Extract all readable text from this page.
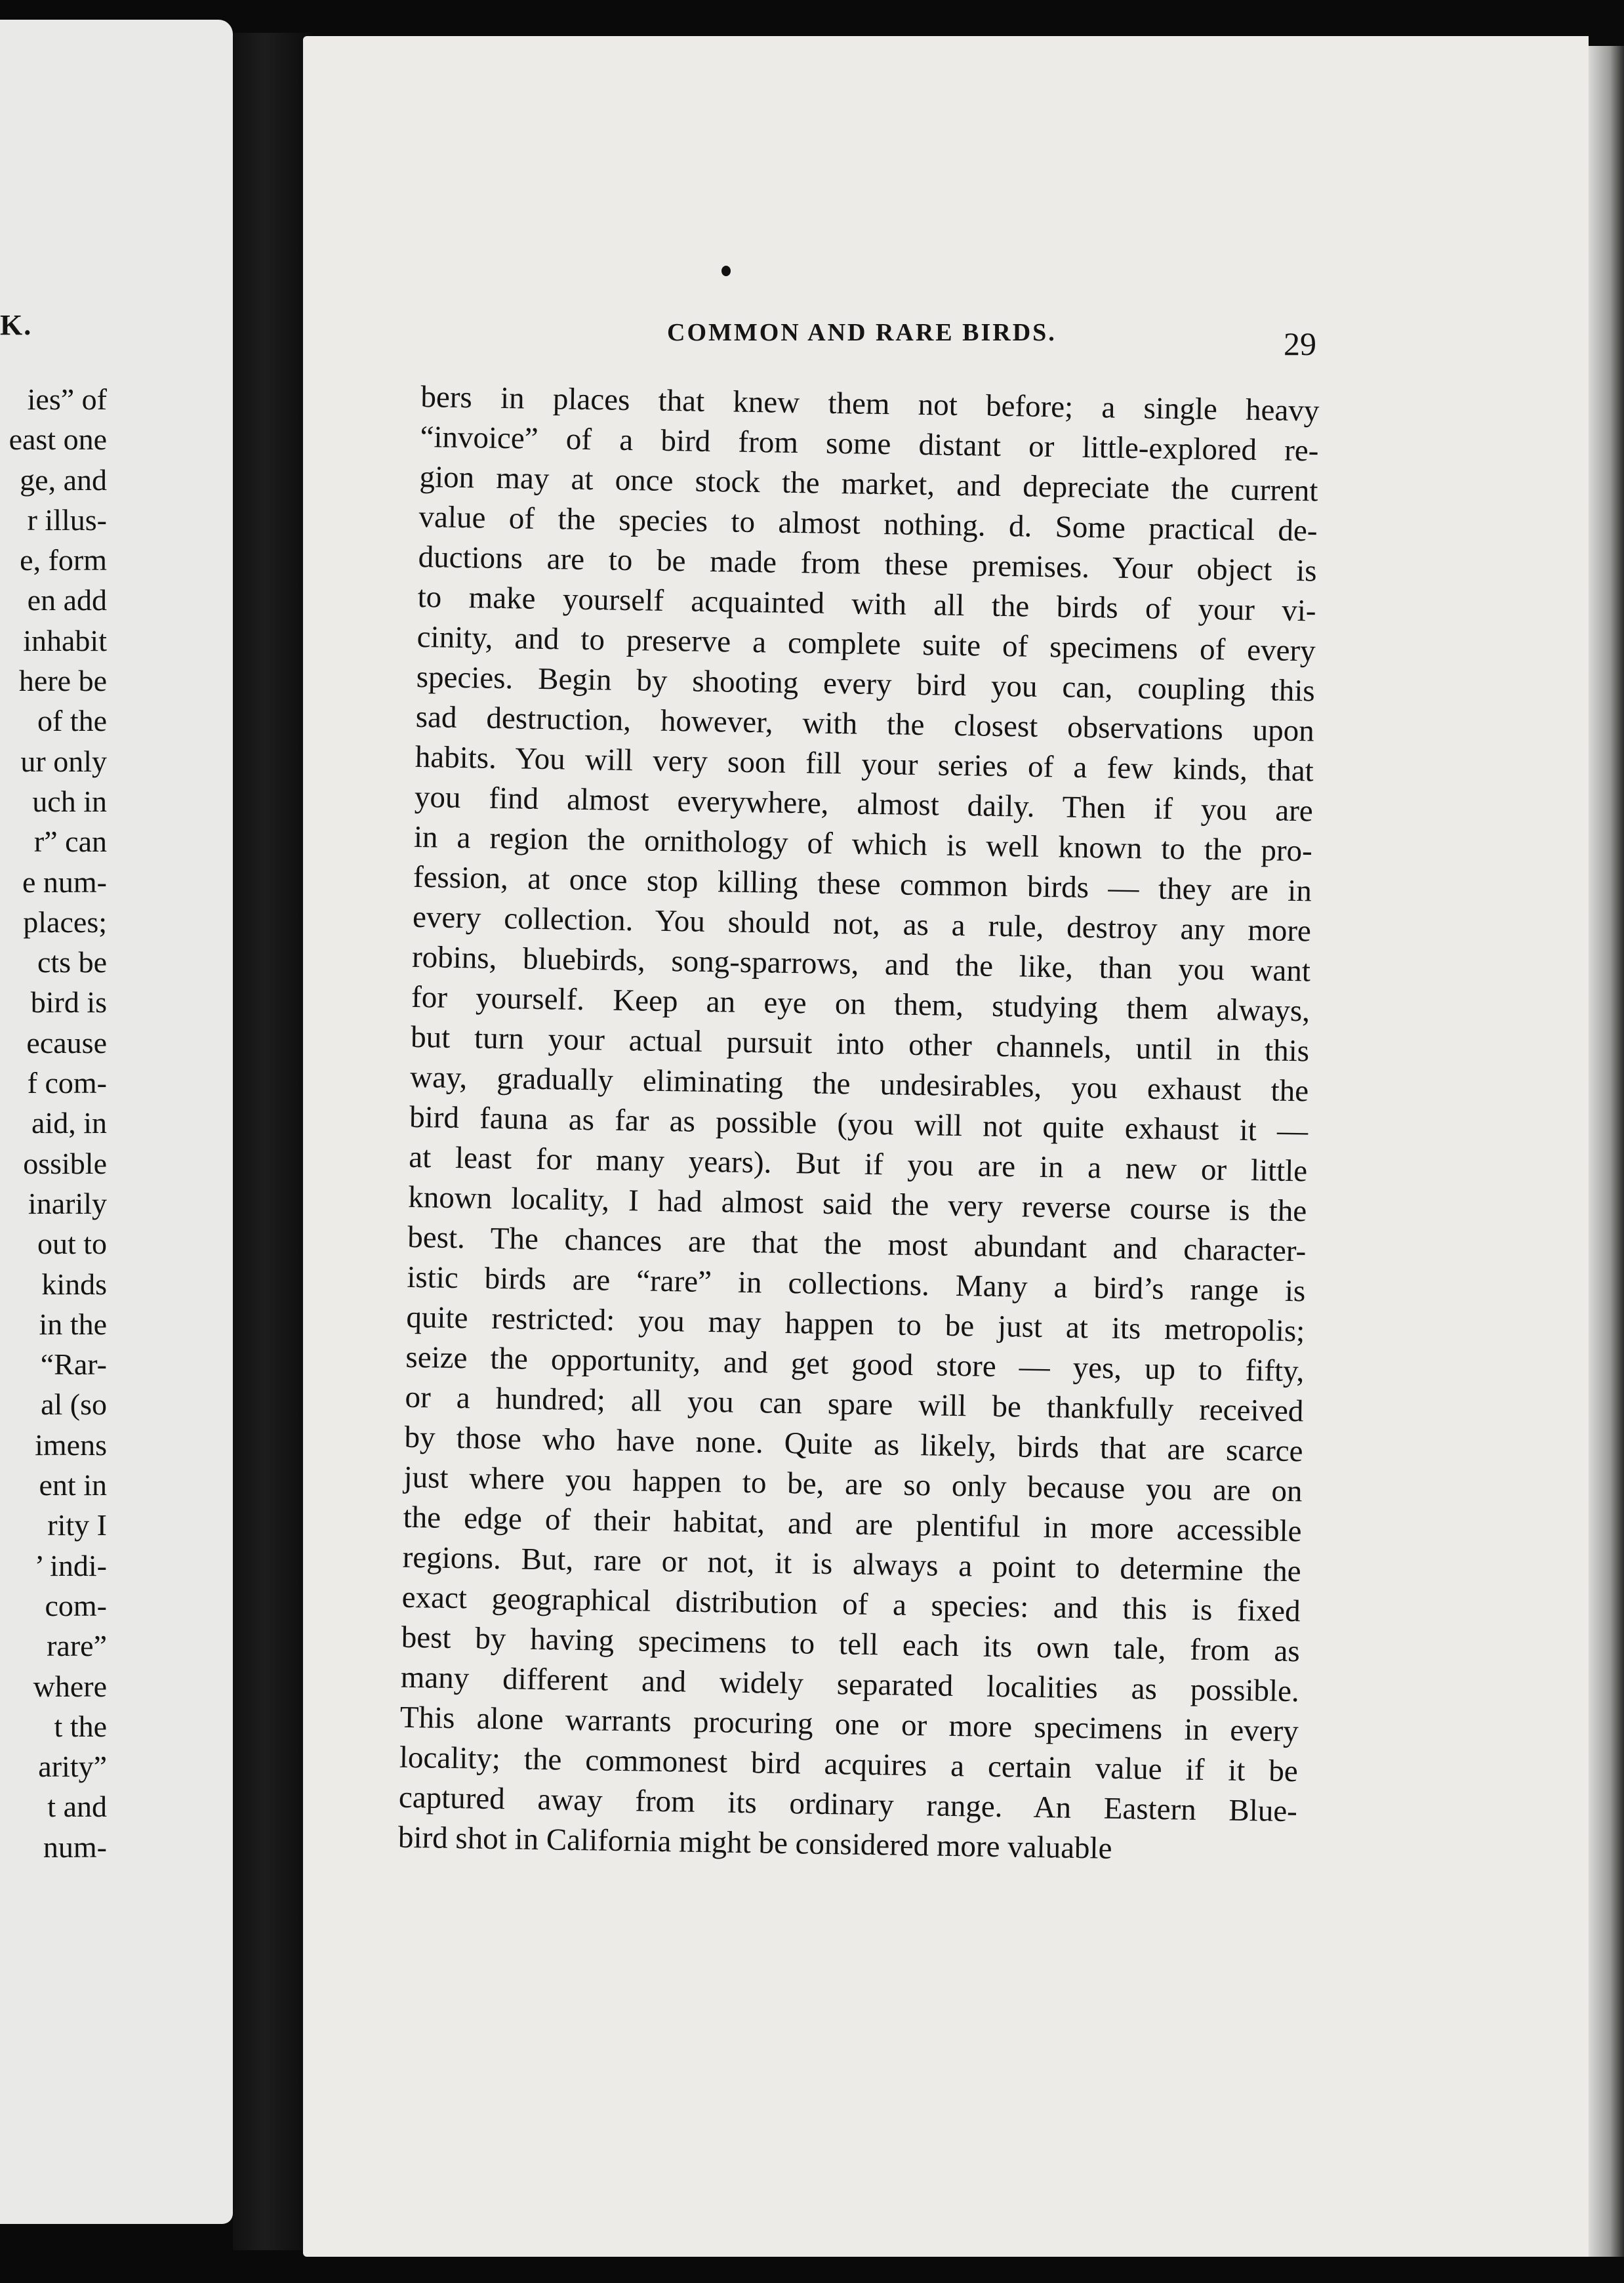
K.
ies” of
east one
ge, and
r illus-
e, form
en add
inhabit
here be
of the
ur only
uch in
r” can
e num-
places;
cts be
bird is
ecause
f com-
aid, in
ossible
inarily
out to
kinds
in the
“Rar-
al (so
imens
ent in
rity I
’ indi-
com-
rare”
where
t the
arity”
t and
num-
COMMON AND RARE BIRDS.	29
bers in places that knew them not before; a single heavy
“invoice” of a bird from some distant or little-explored re-
gion may at once stock the market, and depreciate the current
value of the species to almost nothing. d. Some practical de-
ductions are to be made from these premises. Your object is
to make yourself acquainted with all the birds of your vi-
cinity, and to preserve a complete suite of specimens of every
species. Begin by shooting every bird you can, coupling this
sad destruction, however, with the closest observations upon
habits. You will very soon fill your series of a few kinds, that
you find almost everywhere, almost daily. Then if you are
in a region the ornithology of which is well known to the pro-
fession, at once stop killing these common birds — they are in
every collection. You should not, as a rule, destroy any more
robins, bluebirds, song-sparrows, and the like, than you want
for yourself. Keep an eye on them, studying them always,
but turn your actual pursuit into other channels, until in this
way, gradually eliminating the undesirables, you exhaust the
bird fauna as far as possible (you will not quite exhaust it —
at least for many years). But if you are in a new or little
known locality, I had almost said the very reverse course is the
best. The chances are that the most abundant and character-
istic birds are “rare” in collections. Many a bird’s range is
quite restricted: you may happen to be just at its metropolis;
seize the opportunity, and get good store — yes, up to fifty,
or a hundred; all you can spare will be thankfully received
by those who have none. Quite as likely, birds that are scarce
just where you happen to be, are so only because you are on
the edge of their habitat, and are plentiful in more accessible
regions. But, rare or not, it is always a point to determine the
exact geographical distribution of a species: and this is fixed
best by having specimens to tell each its own tale, from as
many different and widely separated localities as possible.
This alone warrants procuring one or more specimens in every
locality; the commonest bird acquires a certain value if it be
captured away from its ordinary range. An Eastern Blue-
bird shot in California might be considered more valuable
